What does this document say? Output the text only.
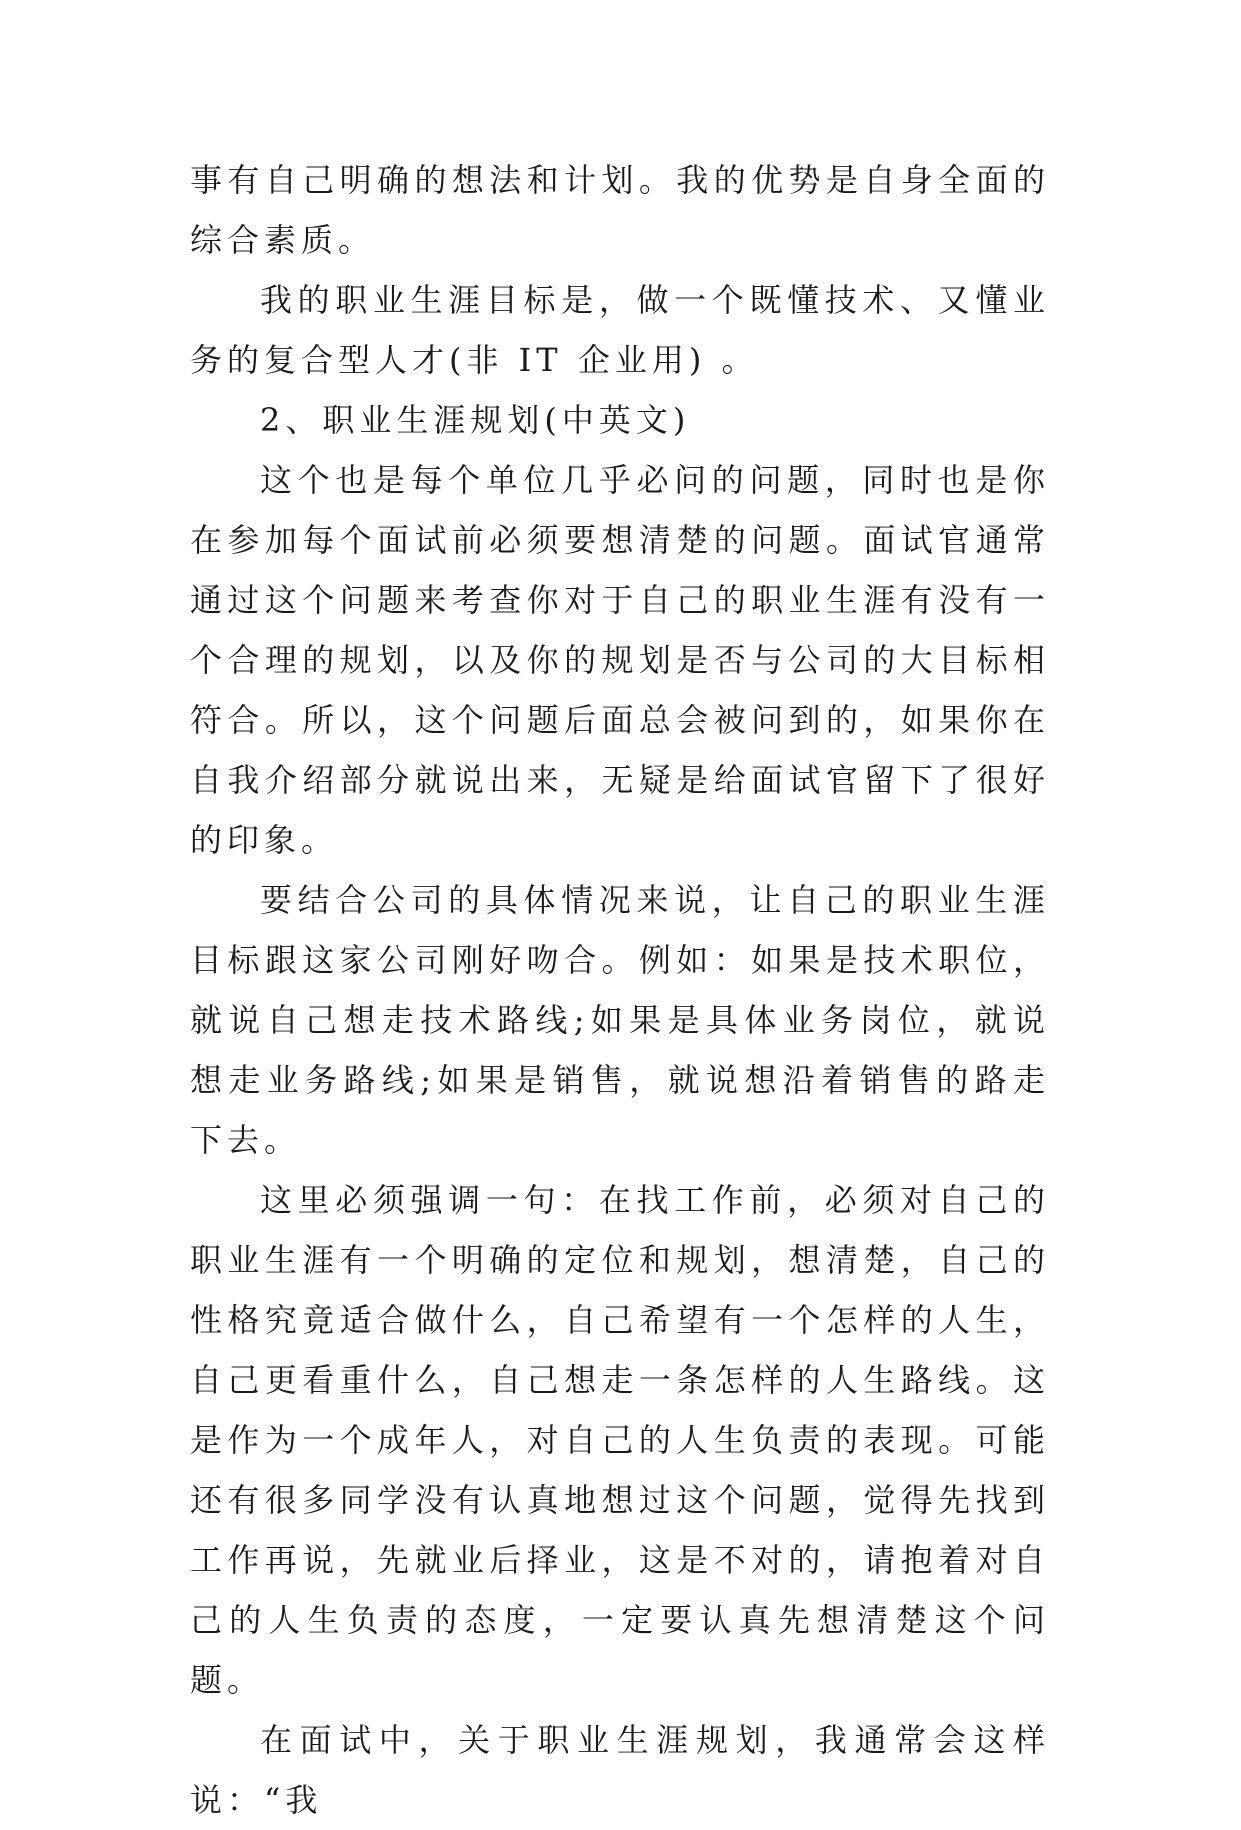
事有自己明确的想法和计划。我的优势是自身全面的综合素质。

我的职业生涯目标是，做一个既懂技术、又懂业务的复合型人才(非 IT 企业用) 。

2、职业生涯规划(中英文)

这个也是每个单位几乎必问的问题，同时也是你在参加每个面试前必须要想清楚的问题。面试官通常通过这个问题来考查你对于自己的职业生涯有没有一个合理的规划，以及你的规划是否与公司的大目标相符合。所以，这个问题后面总会被问到的，如果你在自我介绍部分就说出来，无疑是给面试官留下了很好的印象。

要结合公司的具体情况来说，让自己的职业生涯目标跟这家公司刚好吻合。例如：如果是技术职位，就说自己想走技术路线;如果是具体业务岗位，就说想走业务路线;如果是销售，就说想沿着销售的路走下去。

这里必须强调一句：在找工作前，必须对自己的职业生涯有一个明确的定位和规划，想清楚，自己的性格究竟适合做什么，自己希望有一个怎样的人生，自己更看重什么，自己想走一条怎样的人生路线。这是作为一个成年人，对自己的人生负责的表现。可能还有很多同学没有认真地想过这个问题，觉得先找到工作再说，先就业后择业，这是不对的，请抱着对自己的人生负责的态度，一定要认真先想清楚这个问题。

在面试中，关于职业生涯规划，我通常会这样说：“我
